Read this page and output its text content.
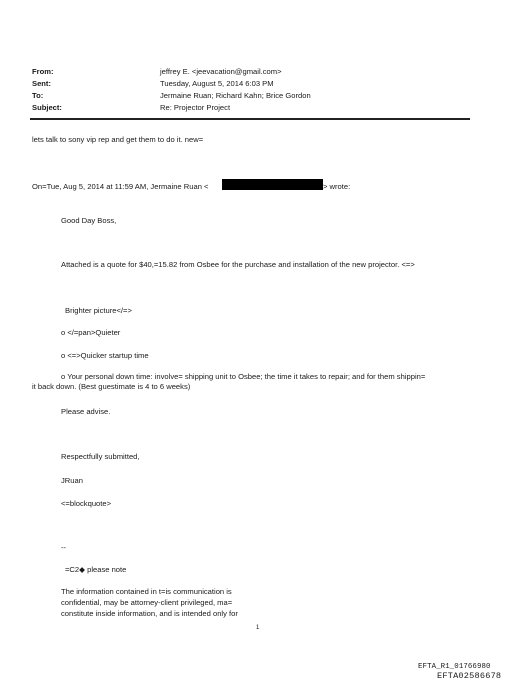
From:
Sent:
To:
Subject:
jeffrey E. <jeevacation@gmail.com>
Tuesday, August 5, 2014 6:03 PM
Jermaine Ruan; Richard Kahn; Brice Gordon
Re: Projector Project
lets talk to sony vip rep and get them to do it. new=
On=Tue, Aug 5, 2014 at 11:59 AM, Jermaine Ruan <	> wrote:
Good Day Boss,
Attached is a quote for $40,=15.82 from Osbee for the purchase and installation of the new projector. <=>
Brighter picture</=>
o </=pan>Quieter
o <=>Quicker startup time
o Your personal down time: involve= shipping unit to Osbee; the time it takes to repair; and for them shippin=
it back down. (Best guestimate is 4 to 6 weeks)
Please advise.
Respectfully submitted,
JRuan
<=blockquote>
--
=C2◆ please note
The information contained in t=is communication is
confidential, may be attorney-client privileged, ma=
constitute inside information, and is intended only for
1
EFTA_R1_01766980
EFTA02586678
